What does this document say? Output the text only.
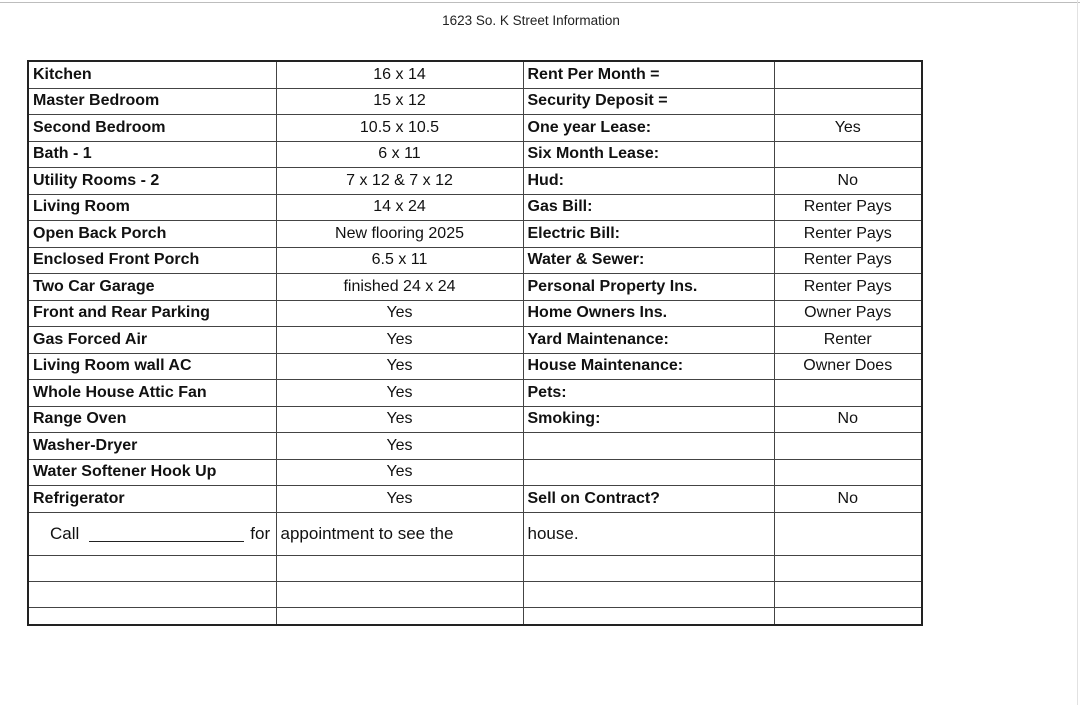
1623 So. K Street Information
Kitchen	16 x 14	Rent Per Month =	
Master Bedroom	15 x 12	Security Deposit =	
Second Bedroom	10.5 x 10.5	One year Lease:	Yes
Bath - 1	6 x 11	Six Month Lease:	
Utility Rooms - 2	7 x 12 & 7 x 12	Hud:	No
Living Room	14 x 24	Gas Bill:	Renter Pays
Open Back Porch	New flooring 2025	Electric Bill:	Renter Pays
Enclosed Front Porch	6.5 x 11	Water & Sewer:	Renter Pays
Two Car Garage	finished 24 x 24	Personal Property Ins.	Renter Pays
Front and Rear Parking	Yes	Home Owners Ins.	Owner Pays
Gas Forced Air	Yes	Yard Maintenance:	Renter
Living Room wall AC	Yes	House Maintenance:	Owner Does
Whole House Attic Fan	Yes	Pets:	
Range Oven	Yes	Smoking:	No
Washer-Dryer	Yes		
Water Softener Hook Up	Yes		
Refrigerator	Yes	Sell on Contract?	No

Call for	appointment to see the	house.	
